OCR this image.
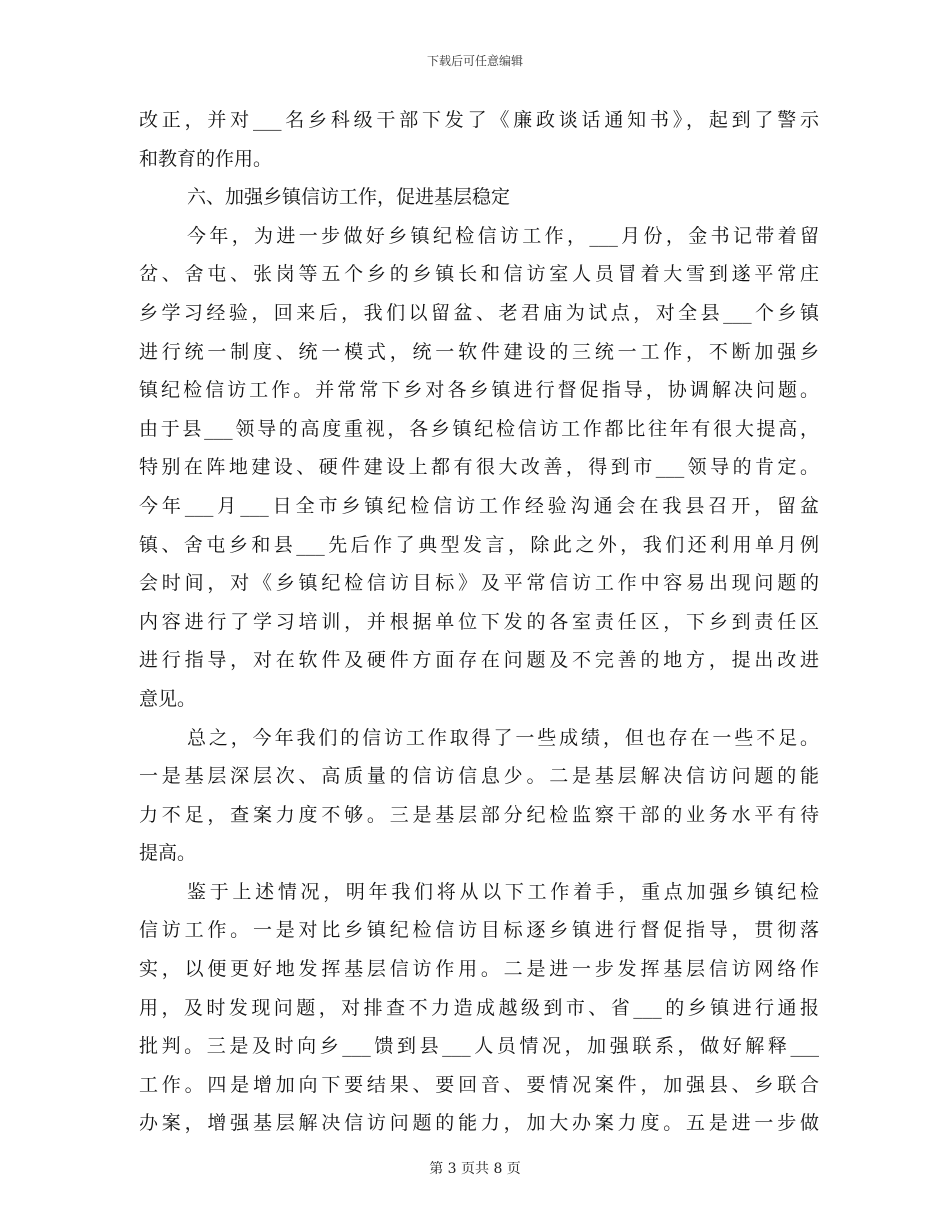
下载后可任意编辑
改正，并对___名乡科级干部下发了《廉政谈话通知书》，起到了警示
和教育的作用。
六、加强乡镇信访工作，促进基层稳定
今年，为进一步做好乡镇纪检信访工作，___月份，金书记带着留
岔、舍屯、张岗等五个乡的乡镇长和信访室人员冒着大雪到遂平常庄
乡学习经验，回来后，我们以留盆、老君庙为试点，对全县___个乡镇
进行统一制度、统一模式，统一软件建设的三统一工作，不断加强乡
镇纪检信访工作。并常常下乡对各乡镇进行督促指导，协调解决问题。
由于县___领导的高度重视，各乡镇纪检信访工作都比往年有很大提高，
特别在阵地建设、硬件建设上都有很大改善，得到市___领导的肯定。
今年___月___日全市乡镇纪检信访工作经验沟通会在我县召开，留盆
镇、舍屯乡和县___先后作了典型发言，除此之外，我们还利用单月例
会时间，对《乡镇纪检信访目标》及平常信访工作中容易出现问题的
内容进行了学习培训，并根据单位下发的各室责任区，下乡到责任区
进行指导，对在软件及硬件方面存在问题及不完善的地方，提出改进
意见。
总之，今年我们的信访工作取得了一些成绩，但也存在一些不足。
一是基层深层次、高质量的信访信息少。二是基层解决信访问题的能
力不足，查案力度不够。三是基层部分纪检监察干部的业务水平有待
提高。
鉴于上述情况，明年我们将从以下工作着手，重点加强乡镇纪检
信访工作。一是对比乡镇纪检信访目标逐乡镇进行督促指导，贯彻落
实，以便更好地发挥基层信访作用。二是进一步发挥基层信访网络作
用，及时发现问题，对排查不力造成越级到市、省___的乡镇进行通报
批判。三是及时向乡___馈到县___人员情况，加强联系，做好解释___
工作。四是增加向下要结果、要回音、要情况案件，加强县、乡联合
办案，增强基层解决信访问题的能力，加大办案力度。五是进一步做
第 3 页共 8 页
